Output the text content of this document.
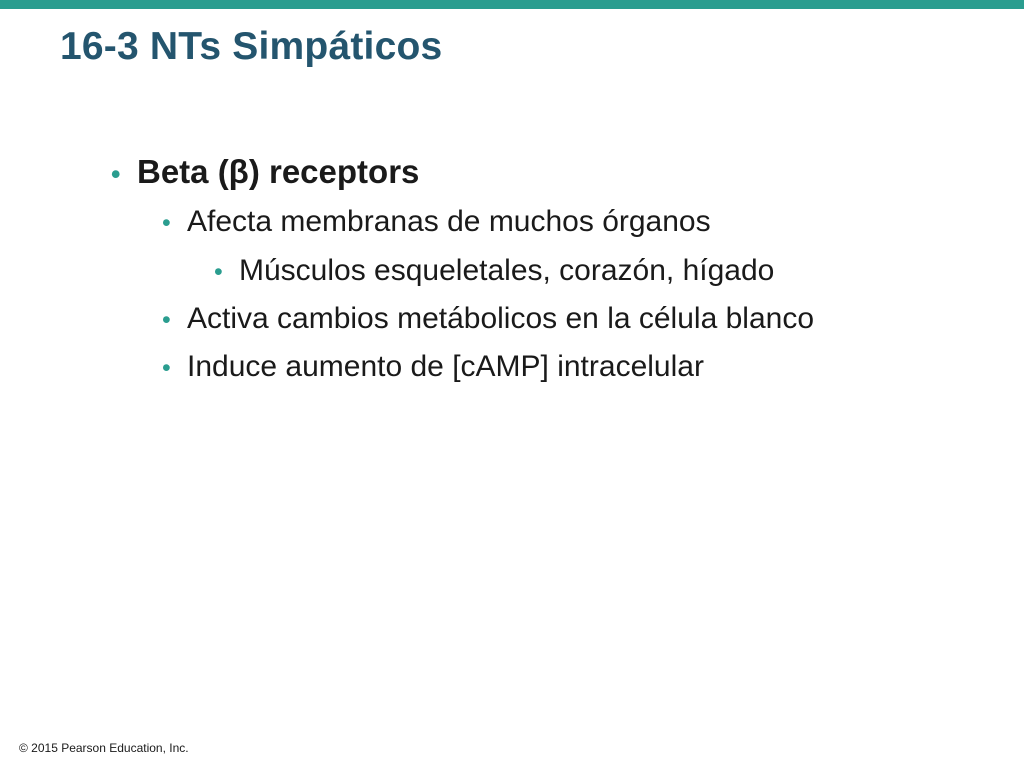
16-3 NTs Simpáticos
• Beta (β) receptors
• Afecta membranas de muchos órganos
• Músculos esqueletales, corazón, hígado
• Activa cambios metábolicos en la célula blanco
• Induce aumento de [cAMP] intracelular
© 2015 Pearson Education, Inc.
